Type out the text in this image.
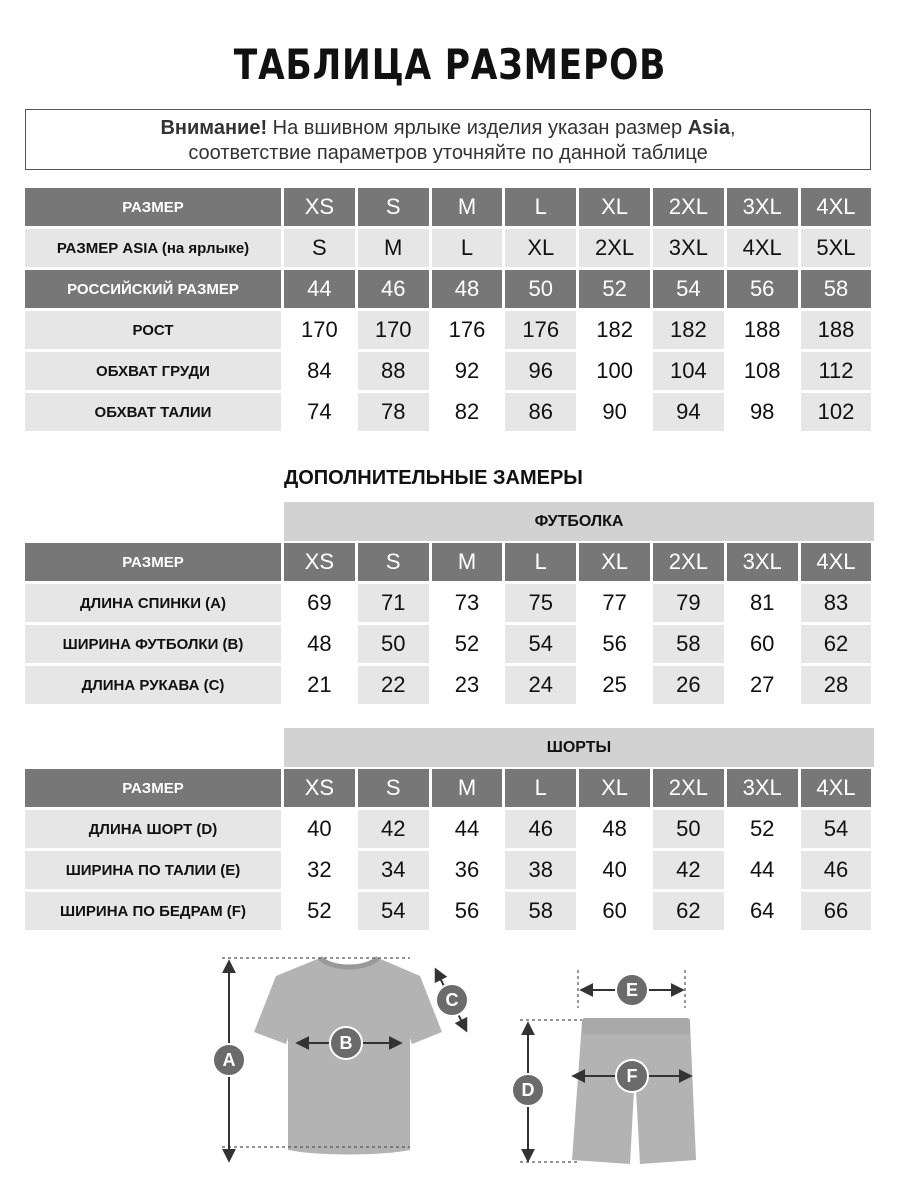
ТАБЛИЦА РАЗМЕРОВ
Внимание! На вшивном ярлыке изделия указан размер Asia,
соответствие параметров уточняйте по данной таблице
РАЗМЕР	XS	S	M	L	XL	2XL	3XL	4XL
РАЗМЕР ASIA (на ярлыке)	S	M	L	XL	2XL	3XL	4XL	5XL
РОССИЙСКИЙ РАЗМЕР	44	46	48	50	52	54	56	58
РОСТ	170	170	176	176	182	182	188	188
ОБХВАТ ГРУДИ	84	88	92	96	100	104	108	112
ОБХВАТ ТАЛИИ	74	78	82	86	90	94	98	102
ДОПОЛНИТЕЛЬНЫЕ ЗАМЕРЫ
ФУТБОЛКА
РАЗМЕР	XS	S	M	L	XL	2XL	3XL	4XL
ДЛИНА СПИНКИ (A)	69	71	73	75	77	79	81	83
ШИРИНА ФУТБОЛКИ (B)	48	50	52	54	56	58	60	62
ДЛИНА РУКАВА (C)	21	22	23	24	25	26	27	28
ШОРТЫ
РАЗМЕР	XS	S	M	L	XL	2XL	3XL	4XL
ДЛИНА ШОРТ (D)	40	42	44	46	48	50	52	54
ШИРИНА ПО ТАЛИИ (E)	32	34	36	38	40	42	44	46
ШИРИНА ПО БЕДРАМ (F)	52	54	56	58	60	62	64	66
A
B
C
D
E
F
